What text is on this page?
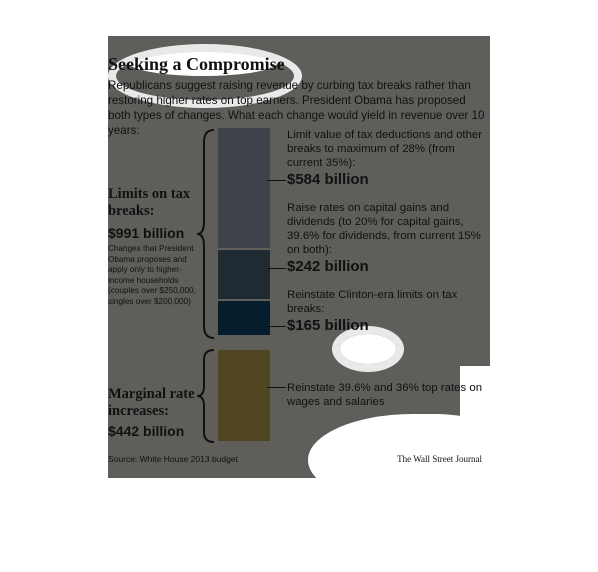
Seeking a Compromise
Republicans suggest raising revenue by curbing tax breaks rather than restoring higher rates on top earners. President Obama has proposed both types of changes. What each change would yield in revenue over 10 years:
Limits on tax breaks:
$991 billion
Changes that President Obama proposes and apply only to higher-income households (couples over $250,000, singles over $200,000)
Marginal rate increases:
$442 billion
Limit value of tax deductions and other breaks to maximum of 28% (from current 35%):
$584 billion
Raise rates on capital gains and dividends (to 20% for capital gains, 39.6% for dividends, from current 15% on both):
$242 billion
Reinstate Clinton-era limits on tax breaks:
$165 billion
Reinstate 39.6% and 36% top rates on wages and salaries
Source: White House 2013 budget	The Wall Street Journal
